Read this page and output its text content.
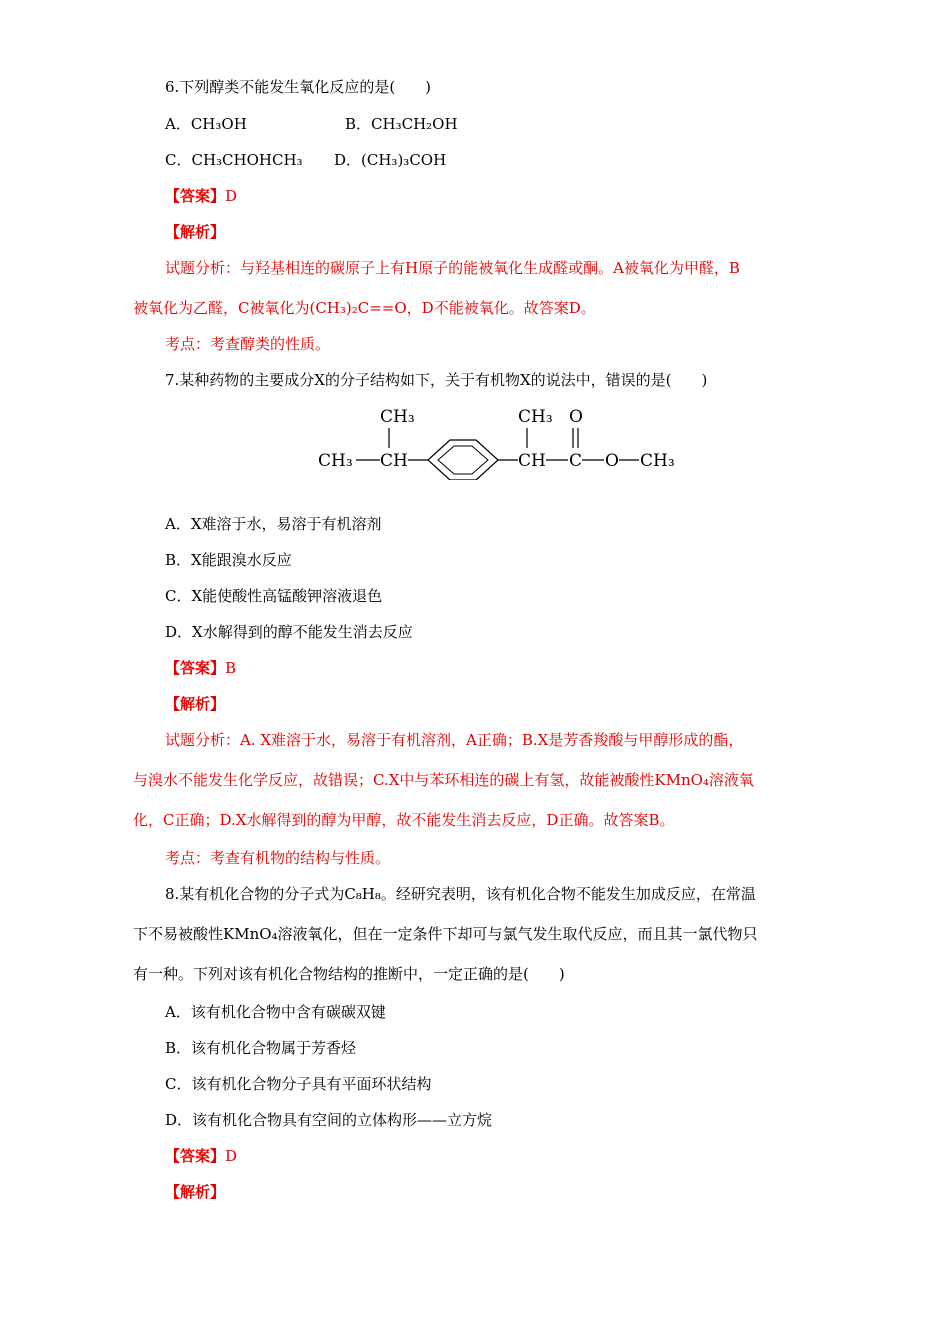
6.下列醇类不能发生氧化反应的是(　　)
A．CH₃OH	B．CH₃CH₂OH
C．CH₃CHOHCH₃ D．(CH₃)₃COH
【答案】D
【解析】
试题分析：与羟基相连的碳原子上有H原子的能被氧化生成醛或酮。A被氧化为甲醛，B
被氧化为乙醛，C被氧化为(CH₃)₂C==O，D不能被氧化。故答案D。
考点：考查醇类的性质。
7.某种药物的主要成分X的分子结构如下，关于有机物X的说法中，错误的是(　　)
CH₃
CH₃ CH
CH₃
CH
O
C O CH₃
A．X难溶于水，易溶于有机溶剂
B．X能跟溴水反应
C．X能使酸性高锰酸钾溶液退色
D．X水解得到的醇不能发生消去反应
【答案】B
【解析】
试题分析：A. X难溶于水，易溶于有机溶剂，A正确；B.X是芳香羧酸与甲醇形成的酯，
与溴水不能发生化学反应，故错误；C.X中与苯环相连的碳上有氢，故能被酸性KMnO₄溶液氧
化，C正确；D.X水解得到的醇为甲醇，故不能发生消去反应，D正确。故答案B。
考点：考查有机物的结构与性质。
8.某有机化合物的分子式为C₈H₈。经研究表明，该有机化合物不能发生加成反应，在常温
下不易被酸性KMnO₄溶液氧化，但在一定条件下却可与氯气发生取代反应，而且其一氯代物只
有一种。下列对该有机化合物结构的推断中，一定正确的是(　　)
A．该有机化合物中含有碳碳双键
B．该有机化合物属于芳香烃
C．该有机化合物分子具有平面环状结构
D．该有机化合物具有空间的立体构形——立方烷
【答案】D
【解析】
